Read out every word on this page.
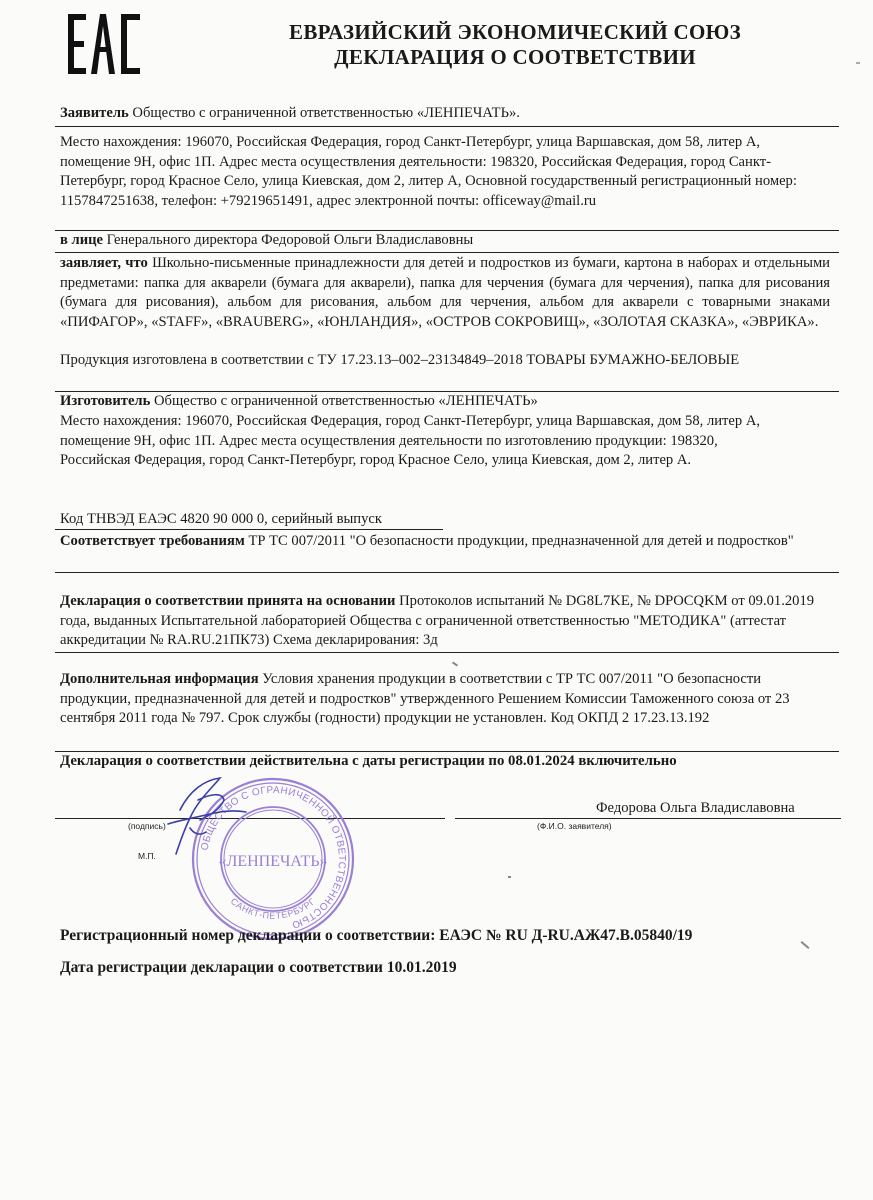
ЕВРАЗИЙСКИЙ ЭКОНОМИЧЕСКИЙ СОЮЗ
ДЕКЛАРАЦИЯ О СООТВЕТСТВИИ
Заявитель Общество с ограниченной ответственностью «ЛЕНПЕЧАТЬ».
Место нахождения: 196070, Российская Федерация, город Санкт-Петербург, улица Варшавская, дом 58, литер А, помещение 9Н, офис 1П. Адрес места осуществления деятельности: 198320, Российская Федерация, город Санкт-Петербург, город Красное Село, улица Киевская, дом 2, литер А, Основной государственный регистрационный номер: 1157847251638, телефон: +79219651491, адрес электронной почты: officeway@mail.ru
в лице Генерального директора Федоровой Ольги Владиславовны
заявляет, что Школьно-письменные принадлежности для детей и подростков из бумаги, картона в наборах и отдельными предметами: папка для акварели (бумага для акварели), папка для черчения (бумага для черчения), папка для рисования (бумага для рисования), альбом для рисования, альбом для черчения, альбом для акварели с товарными знаками «ПИФАГОР», «STAFF», «BRAUBERG», «ЮНЛАНДИЯ», «ОСТРОВ СОКРОВИЩ», «ЗОЛОТАЯ СКАЗКА», «ЭВРИКА».
Продукция изготовлена в соответствии с ТУ 17.23.13–002–23134849–2018 ТОВАРЫ БУМАЖНО-БЕЛОВЫЕ
Изготовитель Общество с ограниченной ответственностью «ЛЕНПЕЧАТЬ»
Место нахождения: 196070, Российская Федерация, город Санкт-Петербург, улица Варшавская, дом 58, литер А, помещение 9Н, офис 1П. Адрес места осуществления деятельности по изготовлению продукции: 198320, Российская Федерация, город Санкт-Петербург, город Красное Село, улица Киевская, дом 2, литер А.
Код ТНВЭД ЕАЭС 4820 90 000 0, серийный выпуск
Соответствует требованиям ТР ТС 007/2011 "О безопасности продукции, предназначенной для детей и подростков"
Декларация о соответствии принята на основании Протоколов испытаний № DG8L7KE, № DPOCQKM от 09.01.2019 года, выданных Испытательной лабораторией Общества с ограниченной ответственностью "МЕТОДИКА" (аттестат аккредитации № RA.RU.21ПК73) Схема декларирования: 3д
Дополнительная информация Условия хранения продукции в соответствии с ТР ТС 007/2011 "О безопасности продукции, предназначенной для детей и подростков" утвержденного Решением Комиссии Таможенного союза от 23 сентября 2011 года № 797. Срок службы (годности) продукции не установлен. Код ОКПД 2 17.23.13.192
Декларация о соответствии действительна с даты регистрации по 08.01.2024 включительно
Федорова Ольга Владиславовна
(подпись)	(Ф.И.О. заявителя)
М.П.
ОБЩЕСТВО С ОГРАНИЧЕННОЙ ОТВЕТСТВЕННОСТЬЮ
САНКТ-ПЕТЕРБУРГ
«ЛЕНПЕЧАТЬ»
Регистрационный номер декларации о соответствии: ЕАЭС № RU Д-RU.АЖ47.В.05840/19
Дата регистрации декларации о соответствии 10.01.2019
